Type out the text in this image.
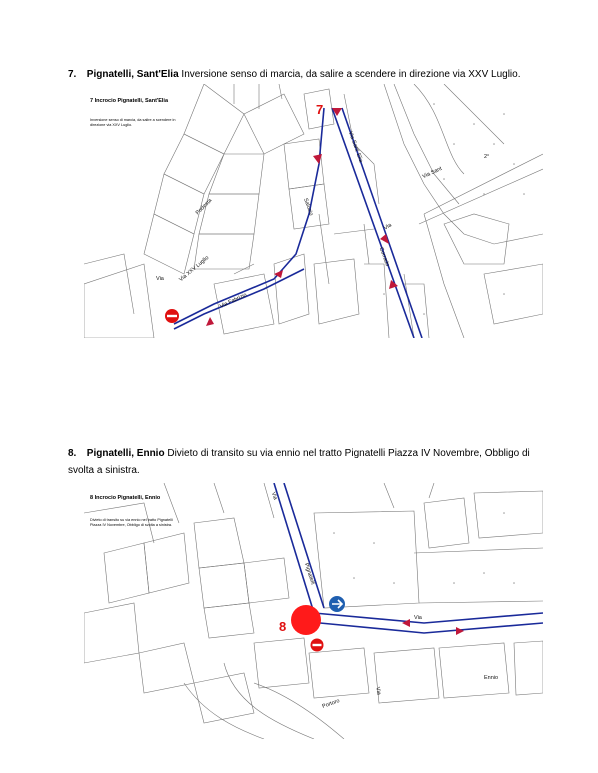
7. Pignatelli, Sant'Elia Inversione senso di marcia, da salire a scendere in direzione via XXV Luglio.
7 Incrocio Pignatelli, Sant'Elia
Inversione senso di marcia, da salire a scendere in direzione via XXV Luglio.
7
Via Sant' Elia
Via
Via Fabrizio
Via XXV Luglio	Corrado
Podesta	Saluzio
Via
Via Sant
2°
8. Pignatelli, Ennio Divieto di transito su via ennio nel tratto Pignatelli Piazza IV Novembre, Obbligo di svolta a sinistra.
8 Incrocio Pignatelli, Ennio
Divieto di transito su via ennio nel tratto Pignatelli Piazza IV Novembre, Obbligo di svolta a sinistra.
8
Via
Via
Pignatelli
Ennio
Via
Portoro
